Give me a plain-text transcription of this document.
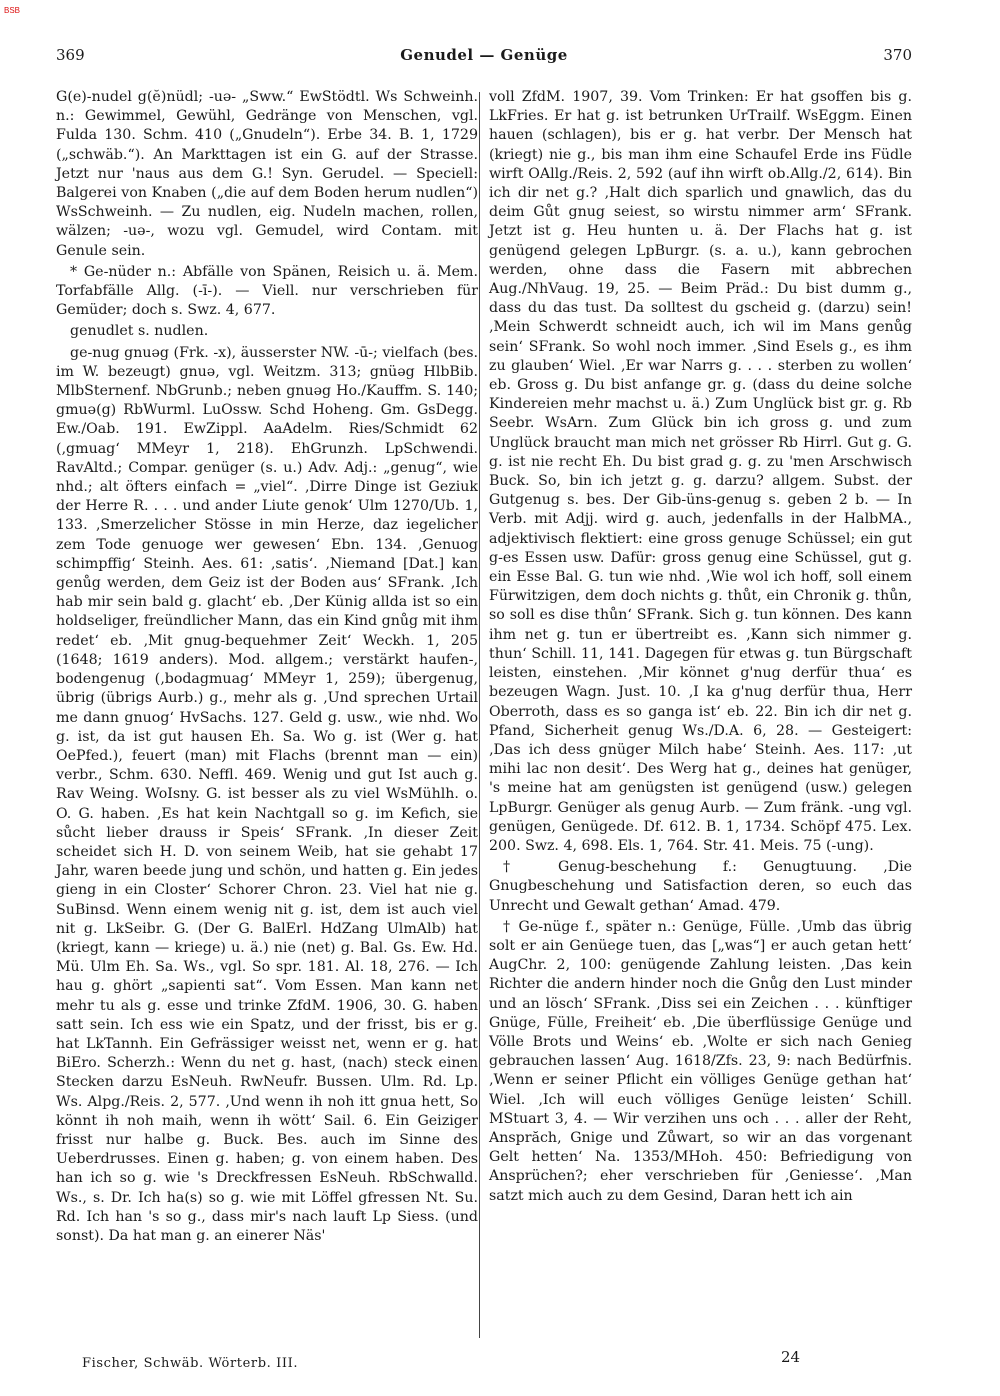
BSB
369	Genudel — Genüge	370

G(e)-nudel g(ĕ)nüdl; -uə- „Sww.“ EwStödtl. Ws Schweinh. n.: Gewimmel, Gewühl, Gedränge von Menschen, vgl. Fulda 130. Schm. 410 („Gnudeln“). Erbe 34. B. 1, 1729 („schwäb.“). An Markttagen ist ein G. auf der Strasse. Jetzt nur 'naus aus dem G.! Syn. Gerudel. — Speciell: Balgerei von Knaben („die auf dem Boden herum nudlen“) WsSchweinh. — Zu nudlen, eig. Nudeln machen, rollen, wälzen; -uə-, wozu vgl. Gemudel, wird Contam. mit Genule sein.

* Ge-nüder n.: Abfälle von Spänen, Reisich u. ä. Mem. Torfabfälle Allg. (-ī-). — Viell. nur verschrieben für Gemüder; doch s. Swz. 4, 677.

genudlet s. nudlen.

ge-nug gnuəg (Frk. -x), äusserster NW. -ū-; vielfach (bes. im W. bezeugt) gnuə, vgl. Weitzm. 313; gnüəg HlbBib. MlbSternenf. NbGrunb.; neben gnuəg Ho./Kauffm. S. 140; gmuə(g) RbWurml. LuOssw. Schd Hoheng. Gm. GsDegg. Ew./Oab. 191. EwZippl. AaAdelm. Ries/Schmidt 62 (‚gmuag‘ MMeyr 1, 218). EhGrunzh. LpSchwendi. RavAltd.; Compar. genüger (s. u.) Adv. Adj.: „genug“, wie nhd.; alt öfters einfach = „viel“. ‚Dirre Dinge ist Geziuk der Herre R. . . . und ander Liute genok‘ Ulm 1270/Ub. 1, 133. ‚Smerzelicher Stösse in min Herze, daz iegelicher zem Tode genuoge wer gewesen‘ Ebn. 134. ‚Genuog schimpffig‘ Steinh. Aes. 61: ‚satis‘. ‚Niemand [Dat.] kan genůg werden, dem Geiz ist der Boden aus‘ SFrank. ‚Ich hab mir sein bald g. glacht‘ eb. ‚Der Künig allda ist so ein holdseliger, freündlicher Mann, das ein Kind gnůg mit ihm redet‘ eb. ‚Mit gnug-bequehmer Zeit‘ Weckh. 1, 205 (1648; 1619 anders). Mod. allgem.; verstärkt haufen-, bodengenug (‚bodagmuag‘ MMeyr 1, 259); übergenug, übrig (übrigs Aurb.) g., mehr als g. ‚Und sprechen Urtail me dann gnuog‘ HvSachs. 127. Geld g. usw., wie nhd. Wo g. ist, da ist gut hausen Eh. Sa. Wo g. ist (Wer g. hat OePfed.), feuert (man) mit Flachs (brennt man — ein) verbr., Schm. 630. Neffl. 469. Wenig und gut Ist auch g. Rav Weing. WoIsny. G. ist besser als zu viel WsMühlh. o. O. G. haben. ‚Es hat kein Nachtgall so g. im Kefich, sie sůcht lieber drauss ir Speis‘ SFrank. ‚In dieser Zeit scheidet sich H. D. von seinem Weib, hat sie gehabt 17 Jahr, waren beede jung und schön, und hatten g. Ein jedes gieng in ein Closter‘ Schorer Chron. 23. Viel hat nie g. SuBinsd. Wenn einem wenig nit g. ist, dem ist auch viel nit g. LkSeibr. G. (Der G. BalErl. HdZang UlmAlb) hat (kriegt, kann — kriege) u. ä.) nie (net) g. Bal. Gs. Ew. Hd. Mü. Ulm Eh. Sa. Ws., vgl. So spr. 181. Al. 18, 276. — Ich hau g. ghört „sapienti sat“. Vom Essen. Man kann net mehr tu als g. esse und trinke ZfdM. 1906, 30. G. haben satt sein. Ich ess wie ein Spatz, und der frisst, bis er g. hat LkTannh. Ein Gefrässiger weisst net, wenn er g. hat BiEro. Scherzh.: Wenn du net g. hast, (nach) steck einen Stecken darzu EsNeuh. RwNeufr. Bussen. Ulm. Rd. Lp. Ws. Alpg./Reis. 2, 577. ‚Und wenn ih noh itt gnua hett, So könnt ih noh maih, wenn ih wött‘ Sail. 6. Ein Geiziger frisst nur halbe g. Buck. Bes. auch im Sinne des Ueberdrusses. Einen g. haben; g. von einem haben. Des han ich so g. wie 's Dreckfressen EsNeuh. RbSchwalld. Ws., s. Dr. Ich ha(s) so g. wie mit Löffel gfressen Nt. Su. Rd. Ich han 's so g., dass mir's nach lauft Lp Siess. (und sonst). Da hat man g. an einerer Näs'

voll ZfdM. 1907, 39. Vom Trinken: Er hat gsoffen bis g. LkFries. Er hat g. ist betrunken UrTrailf. WsEggm. Einen hauen (schlagen), bis er g. hat verbr. Der Mensch hat (kriegt) nie g., bis man ihm eine Schaufel Erde ins Füdle wirft OAllg./Reis. 2, 592 (auf ihn wirft ob.Allg./2, 614). Bin ich dir net g.? ‚Halt dich sparlich und gnawlich, das du deim Gůt gnug seiest, so wirstu nimmer arm‘ SFrank. Jetzt ist g. Heu hunten u. ä. Der Flachs hat g. ist genügend gelegen LpBurgr. (s. a. u.), kann gebrochen werden, ohne dass die Fasern mit abbrechen Aug./NhVaug. 19, 25. — Beim Präd.: Du bist dumm g., dass du das tust. Da solltest du gscheid g. (darzu) sein! ‚Mein Schwerdt schneidt auch, ich wil im Mans genůg sein‘ SFrank. So wohl noch immer. ‚Sind Esels g., es ihm zu glauben‘ Wiel. ‚Er war Narrs g. . . . sterben zu wollen‘ eb. Gross g. Du bist anfange gr. g. (dass du deine solche Kindereien mehr machst u. ä.) Zum Unglück bist gr. g. Rb Seebr. WsArn. Zum Glück bin ich gross g. und zum Unglück braucht man mich net grösser Rb Hirrl. Gut g. G. g. ist nie recht Eh. Du bist grad g. g. zu 'men Arschwisch Buck. So, bin ich jetzt g. g. darzu? allgem. Subst. der Gutgenug s. bes. Der Gib-üns-genug s. geben 2 b. — In Verb. mit Adjj. wird g. auch, jedenfalls in der HalbMA., adjektivisch flektiert: eine gross genuge Schüssel; ein gut g-es Essen usw. Dafür: gross genug eine Schüssel, gut g. ein Esse Bal. G. tun wie nhd. ‚Wie wol ich hoff, soll einem Fürwitzigen, dem doch nichts g. thůt, ein Chronik g. thůn, so soll es dise thůn‘ SFrank. Sich g. tun können. Des kann ihm net g. tun er übertreibt es. ‚Kann sich nimmer g. thun‘ Schill. 11, 141. Dagegen für etwas g. tun Bürgschaft leisten, einstehen. ‚Mir könnet g'nug derfür thua‘ es bezeugen Wagn. Just. 10. ‚I ka g'nug derfür thua, Herr Oberroth, dass es so ganga ist‘ eb. 22. Bin ich dir net g. Pfand, Sicherheit genug Ws./D.A. 6, 28. — Gesteigert: ‚Das ich dess gnüger Milch habe‘ Steinh. Aes. 117: ‚ut mihi lac non desit‘. Des Werg hat g., deines hat genüger, 's meine hat am genügsten ist genügend (usw.) gelegen LpBurgr. Genüger als genug Aurb. — Zum fränk. -ung vgl. genügen, Genügede. Df. 612. B. 1, 1734. Schöpf 475. Lex. 200. Swz. 4, 698. Els. 1, 764. Str. 41. Meis. 75 (-ung).

† Genug-beschehung f.: Genugtuung. ‚Die Gnugbeschehung und Satisfaction deren, so euch das Unrecht und Gewalt gethan‘ Amad. 479.

† Ge-nüge f., später n.: Genüge, Fülle. ‚Umb das übrig solt er ain Genüege tuen, das [„was“] er auch getan hett‘ AugChr. 2, 100: genügende Zahlung leisten. ‚Das kein Richter die andern hinder noch die Gnůg den Lust minder und an lösch‘ SFrank. ‚Diss sei ein Zeichen . . . künftiger Gnüge, Fülle, Freiheit‘ eb. ‚Die überflüssige Genüge und Völle Brots und Weins‘ eb. ‚Wolte er sich nach Genieg gebrauchen lassen‘ Aug. 1618/Zfs. 23, 9: nach Bedürfnis. ‚Wenn er seiner Pflicht ein völliges Genüge gethan hat‘ Wiel. ‚Ich will euch völliges Genüge leisten‘ Schill. MStuart 3, 4. — Wir verzihen uns och . . . aller der Reht, Ansprăch, Gnige und Zůwart, so wir an das vorgenant Gelt hetten‘ Na. 1353/MHoh. 450: Befriedigung von Ansprüchen?; eher verschrieben für ‚Geniesse‘. ‚Man satzt mich auch zu dem Gesind, Daran hett ich ain

Fischer, Schwäb. Wörterb. III.	24
